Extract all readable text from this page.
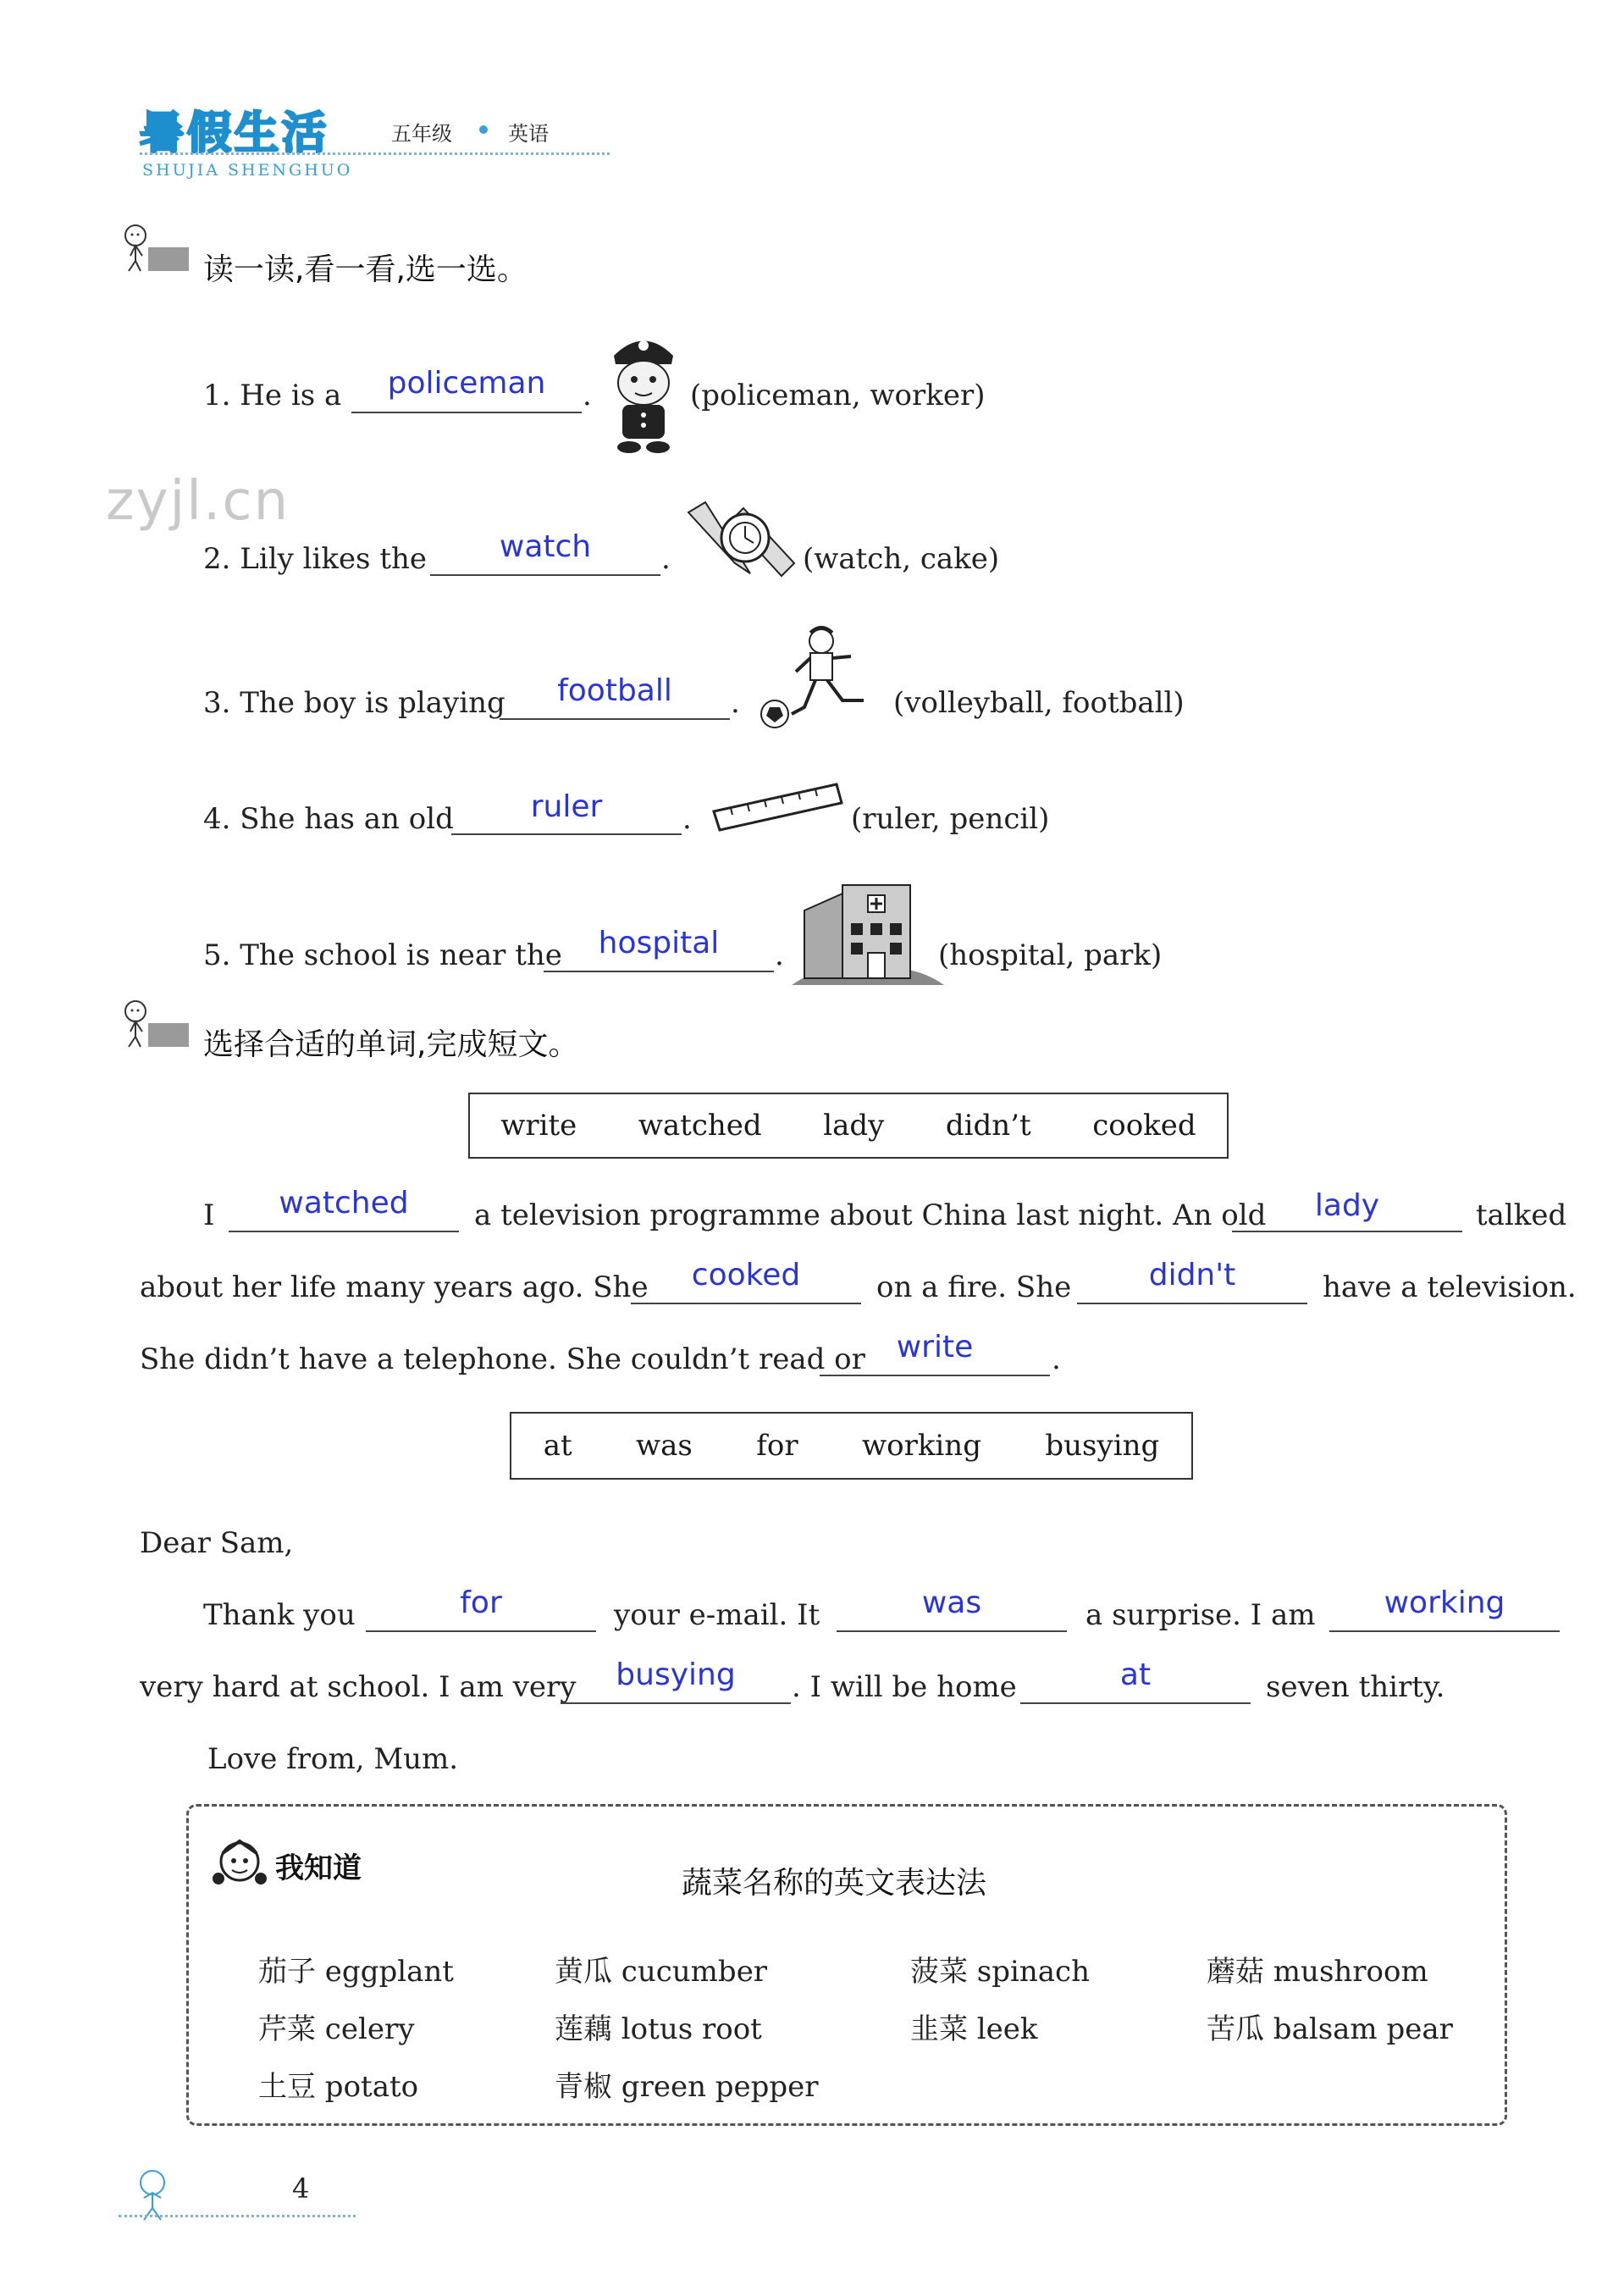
暑假生活
SHUJIA SHENGHUO
五年级	英语
zyjl.cn
读一读,看一看,选一选。
1. He is a	policeman	.	(policeman, worker)
2. Lily likes the	watch	.	(watch, cake)
3. The boy is playing	football	.	(volleyball, football)
4. She has an old	ruler	.	(ruler, pencil)
5. The school is near the	hospital	.	(hospital, park)
选择合适的单词,完成短文。
write watched lady didn’t cooked
I	watched	a television programme about China last night. An old	lady	talked
about her life many years ago. She	cooked	on a fire. She	didn't	have a television.
She didn’t have a telephone. She couldn’t read or	write	.
at was for working busying
Dear Sam,
Thank you	for	your e-mail. It	was	a surprise. I am	working
very hard at school. I am very	busying	. I will be home	at	seven thirty.
Love from, Mum.
我知道	蔬菜名称的英文表达法
茄子 eggplant	黄瓜 cucumber	菠菜 spinach	蘑菇 mushroom
芹菜 celery	莲藕 lotus root	韭菜 leek	苦瓜 balsam pear
土豆 potato	青椒 green pepper
4
